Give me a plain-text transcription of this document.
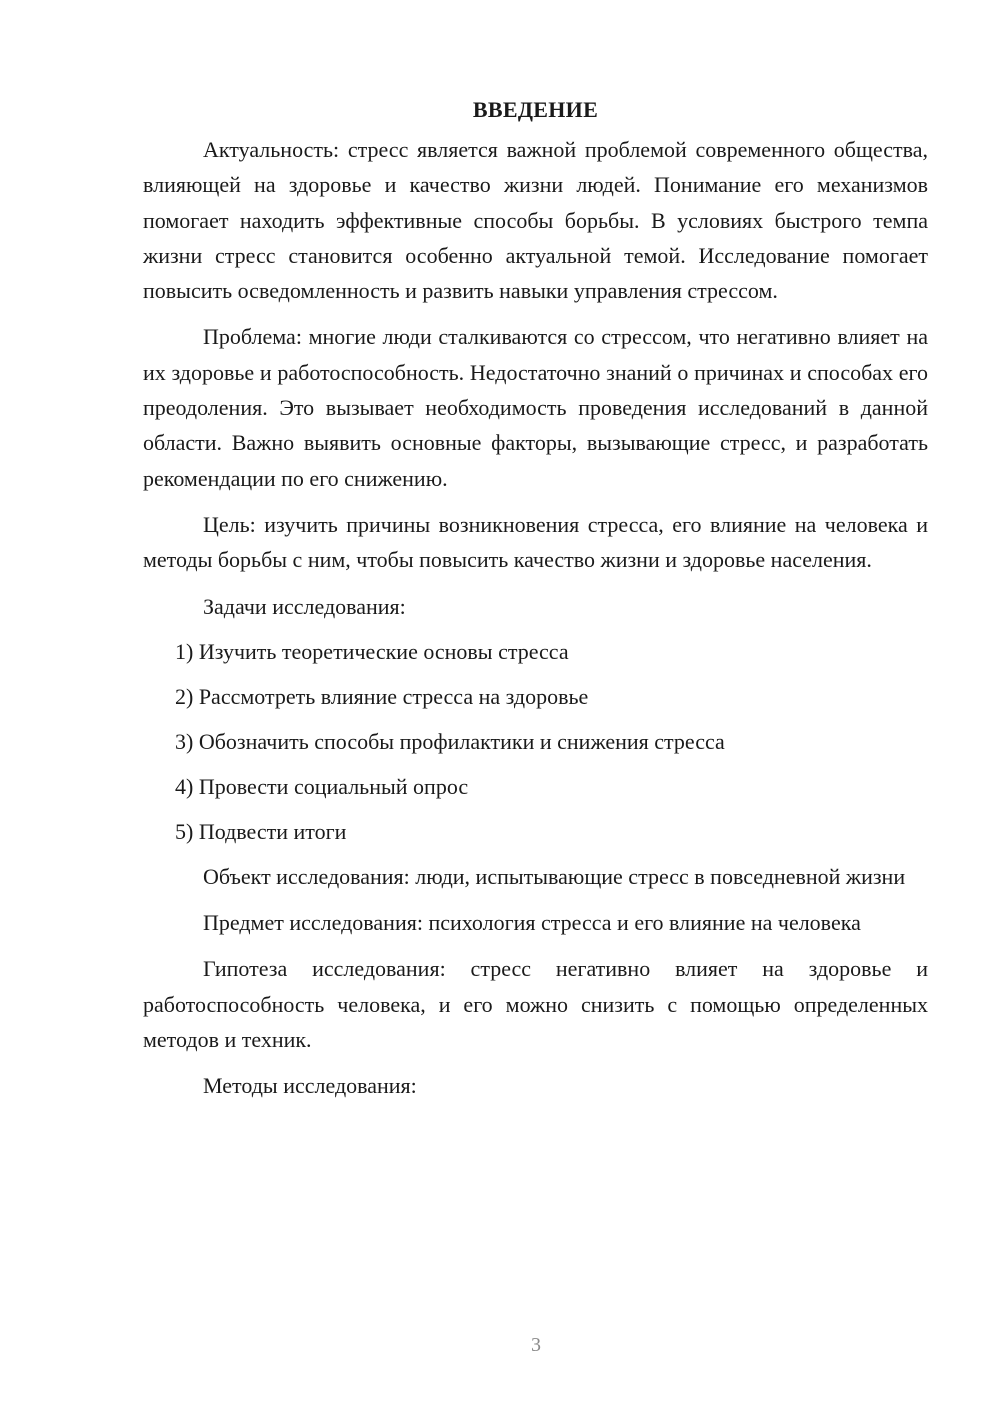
ВВЕДЕНИЕ

Актуальность: стресс является важной проблемой современного общества, влияющей на здоровье и качество жизни людей. Понимание его механизмов помогает находить эффективные способы борьбы. В условиях быстрого темпа жизни стресс становится особенно актуальной темой. Исследование помогает повысить осведомленность и развить навыки управления стрессом.

Проблема: многие люди сталкиваются со стрессом, что негативно влияет на их здоровье и работоспособность. Недостаточно знаний о причинах и способах его преодоления. Это вызывает необходимость проведения исследований в данной области. Важно выявить основные факторы, вызывающие стресс, и разработать рекомендации по его снижению.

Цель: изучить причины возникновения стресса, его влияние на человека и методы борьбы с ним, чтобы повысить качество жизни и здоровье населения.

Задачи исследования:

1) Изучить теоретические основы стресса
2) Рассмотреть влияние стресса на здоровье
3) Обозначить способы профилактики и снижения стресса
4) Провести социальный опрос
5) Подвести итоги

Объект исследования: люди, испытывающие стресс в повседневной жизни

Предмет исследования: психология стресса и его влияние на человека

Гипотеза исследования: стресс негативно влияет на здоровье и работоспособность человека, и его можно снизить с помощью определенных методов и техник.

Методы исследования:

3
